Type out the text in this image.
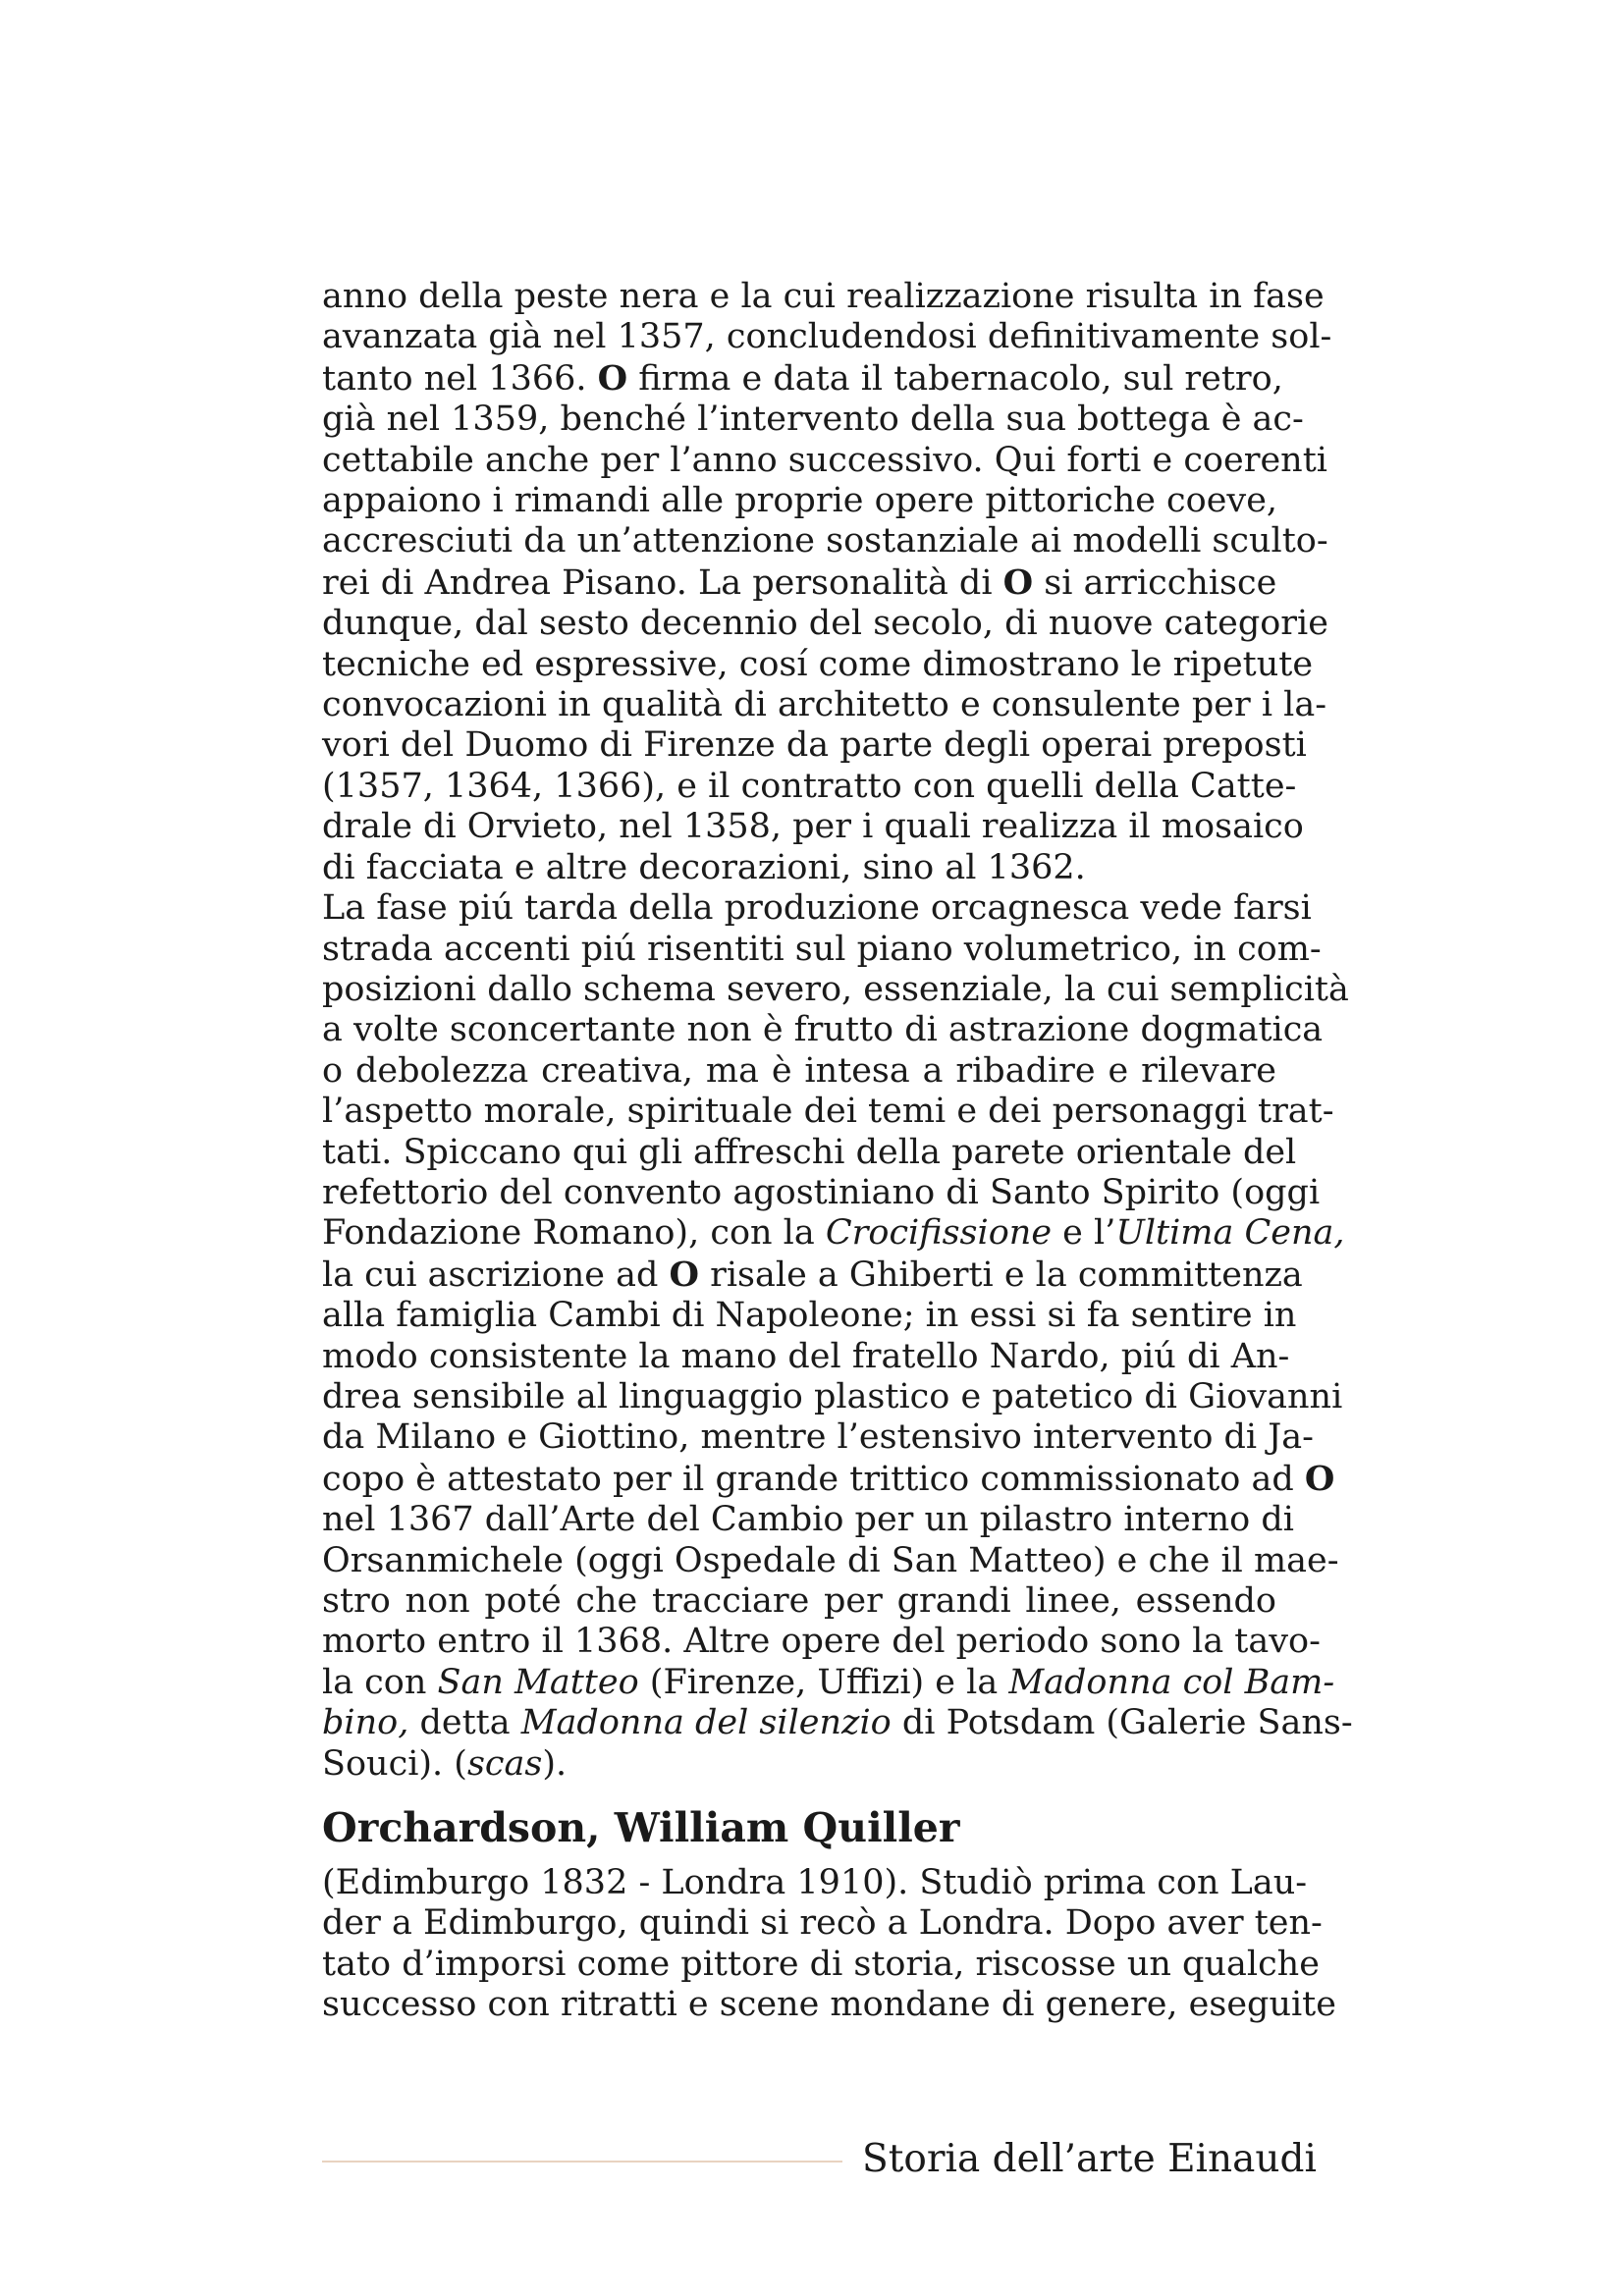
anno della peste nera e la cui realizzazione risulta in fase
avanzata già nel 1357, concludendosi definitivamente sol-
tanto nel 1366. O firma e data il tabernacolo, sul retro,
già nel 1359, benché l’intervento della sua bottega è ac-
cettabile anche per l’anno successivo. Qui forti e coerenti
appaiono i rimandi alle proprie opere pittoriche coeve,
accresciuti da un’attenzione sostanziale ai modelli sculto-
rei di Andrea Pisano. La personalità di O si arricchisce
dunque, dal sesto decennio del secolo, di nuove categorie
tecniche ed espressive, cosí come dimostrano le ripetute
convocazioni in qualità di architetto e consulente per i la-
vori del Duomo di Firenze da parte degli operai preposti
(1357, 1364, 1366), e il contratto con quelli della Catte-
drale di Orvieto, nel 1358, per i quali realizza il mosaico
di facciata e altre decorazioni, sino al 1362.
La fase piú tarda della produzione orcagnesca vede farsi
strada accenti piú risentiti sul piano volumetrico, in com-
posizioni dallo schema severo, essenziale, la cui semplicità
a volte sconcertante non è frutto di astrazione dogmatica
o debolezza creativa, ma è intesa a ribadire e rilevare
l’aspetto morale, spirituale dei temi e dei personaggi trat-
tati. Spiccano qui gli affreschi della parete orientale del
refettorio del convento agostiniano di Santo Spirito (oggi
Fondazione Romano), con la Crocifissione e l’Ultima Cena,
la cui ascrizione ad O risale a Ghiberti e la committenza
alla famiglia Cambi di Napoleone; in essi si fa sentire in
modo consistente la mano del fratello Nardo, piú di An-
drea sensibile al linguaggio plastico e patetico di Giovanni
da Milano e Giottino, mentre l’estensivo intervento di Ja-
copo è attestato per il grande trittico commissionato ad O
nel 1367 dall’Arte del Cambio per un pilastro interno di
Orsanmichele (oggi Ospedale di San Matteo) e che il mae-
stro non poté che tracciare per grandi linee, essendo
morto entro il 1368. Altre opere del periodo sono la tavo-
la con San Matteo (Firenze, Uffizi) e la Madonna col Bam-
bino, detta Madonna del silenzio di Potsdam (Galerie Sans-
Souci). (scas).
Orchardson, William Quiller
(Edimburgo 1832 - Londra 1910). Studiò prima con Lau-
der a Edimburgo, quindi si recò a Londra. Dopo aver ten-
tato d’imporsi come pittore di storia, riscosse un qualche
successo con ritratti e scene mondane di genere, eseguite
Storia dell’arte Einaudi
